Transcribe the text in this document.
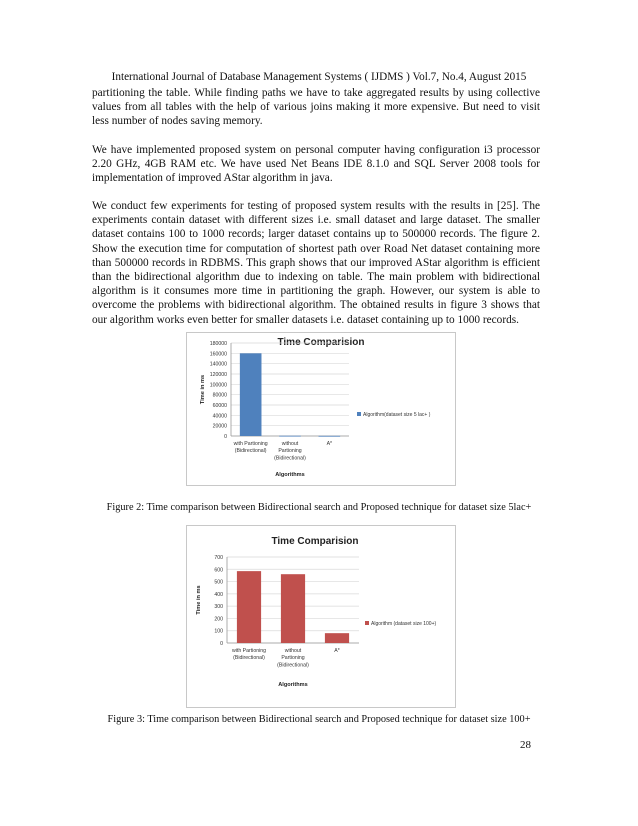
International Journal of Database Management Systems ( IJDMS ) Vol.7, No.4, August 2015

partitioning the table. While finding paths we have to take aggregated results by using collective values from all tables with the help of various joins making it more expensive. But need to visit less number of nodes saving memory.

We have implemented proposed system on personal computer having configuration i3 processor 2.20 GHz, 4GB RAM etc. We have used Net Beans IDE 8.1.0 and SQL Server 2008 tools for implementation of improved AStar algorithm in java.

We conduct few experiments for testing of proposed system results with the results in [25]. The experiments contain dataset with different sizes i.e. small dataset and large dataset. The smaller dataset contains 100 to 1000 records; larger dataset contains up to 500000 records. The figure 2. Show the execution time for computation of shortest path over Road Net dataset containing more than 500000 records in RDBMS. This graph shows that our improved AStar algorithm is efficient than the bidirectional algorithm due to indexing on table. The main problem with bidirectional algorithm is it consumes more time in partitioning the graph. However, our system is able to overcome the problems with bidirectional algorithm. The obtained results in figure 3 shows that our algorithm works even better for smaller datasets i.e. dataset containing up to 1000 records.

Time Comparision
0
20000
40000
60000
80000
100000
120000
140000
160000
180000
with Partioning
(Bidirectional)
without
Partioning
(Bidirectional)
A*
Time in ms
Algorithms
Algorithm(dataset size 5 lac+ )
Figure 2: Time comparison between Bidirectional search and Proposed technique for dataset size 5lac+
Time Comparision
0
100
200
300
400
500
600
700
with Partioning
(Bidirectional)
without
Partioning
(Bidirectional)
A*
Time in ms
Algorithms
Algorithm (dataset size 100+)
Figure 3: Time comparison between Bidirectional search and Proposed technique for dataset size 100+
28
